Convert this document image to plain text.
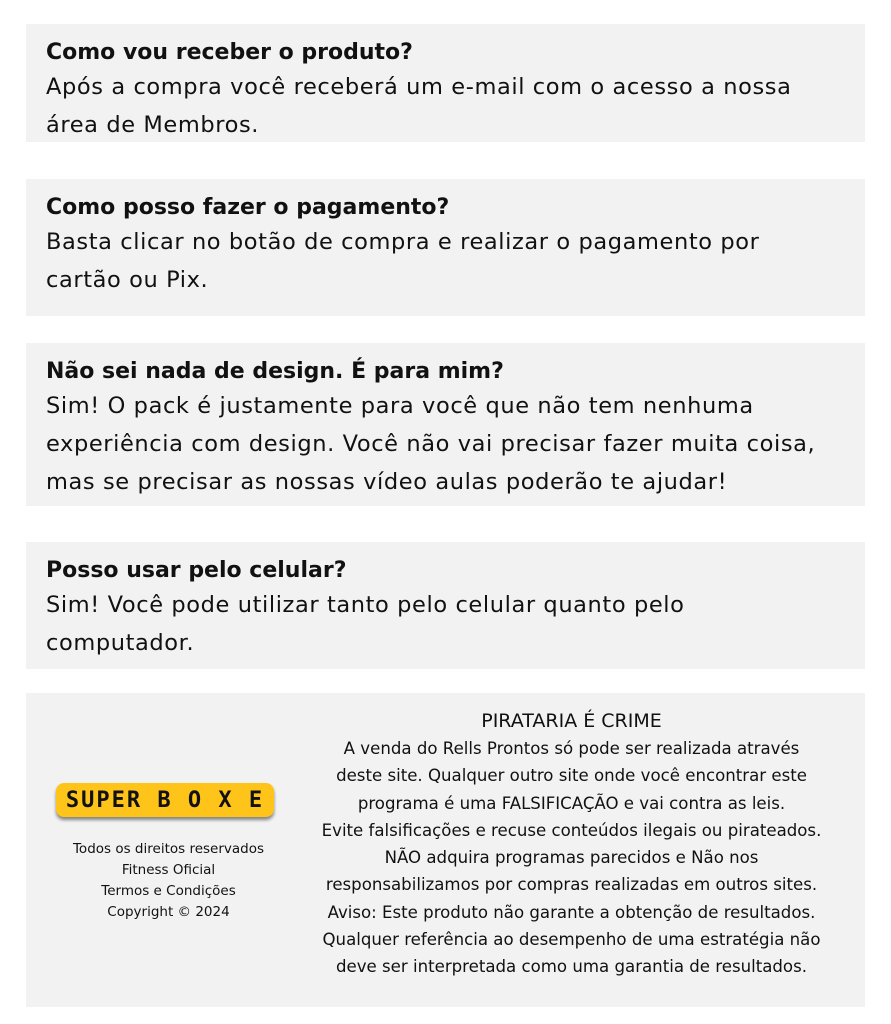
Como vou receber o produto?

Após a compra você receberá um e-mail com o acesso a nossa

área de Membros.

Como posso fazer o pagamento?

Basta clicar no botão de compra e realizar o pagamento por

cartão ou Pix.

Não sei nada de design. É para mim?

Sim! O pack é justamente para você que não tem nenhuma

experiência com design. Você não vai precisar fazer muita coisa,

mas se precisar as nossas vídeo aulas poderão te ajudar!

Posso usar pelo celular?

Sim! Você pode utilizar tanto pelo celular quanto pelo

computador.

SUPER B O X E
Todos os direitos reservados
Fitness Oficial
Termos e Condições
Copyright © 2024
PIRATARIA É CRIME
A venda do Rells Prontos só pode ser realizada através
deste site. Qualquer outro site onde você encontrar este
programa é uma FALSIFICAÇÃO e vai contra as leis.
Evite falsificações e recuse conteúdos ilegais ou pirateados.
NÃO adquira programas parecidos e Não nos
responsabilizamos por compras realizadas em outros sites.
Aviso: Este produto não garante a obtenção de resultados.
Qualquer referência ao desempenho de uma estratégia não
deve ser interpretada como uma garantia de resultados.
